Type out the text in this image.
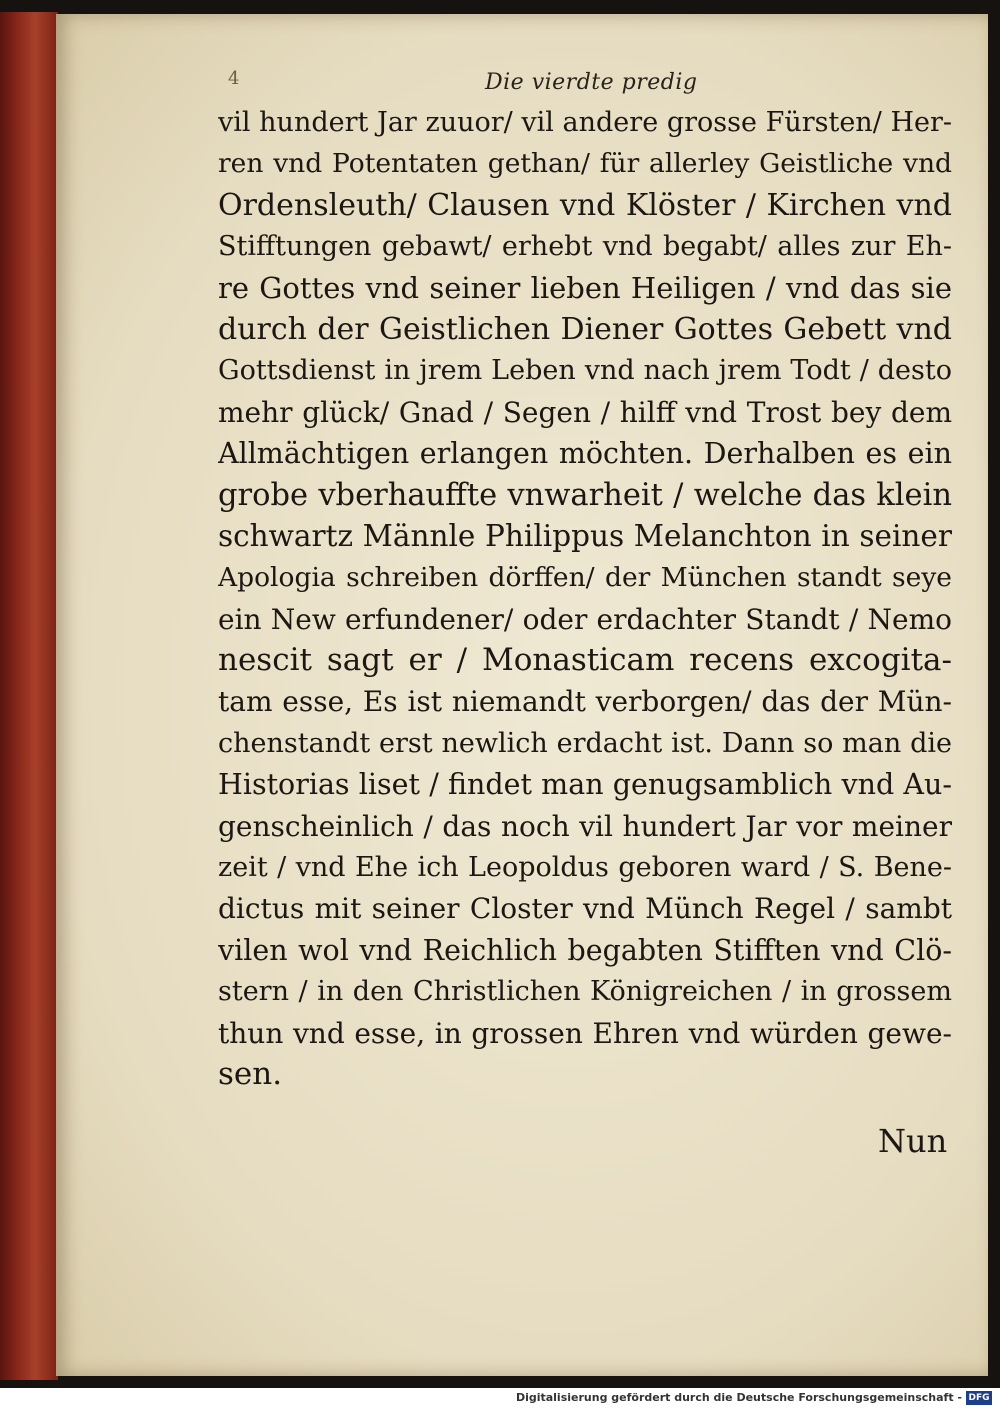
4	Die vierdte predig
vil hundert Jar zuuor/ vil andere grosse Fürsten/ Her-
ren vnd Potentaten gethan/ für allerley Geistliche vnd
Ordensleuth/ Clausen vnd Klöster / Kirchen vnd
Stifftungen gebawt/ erhebt vnd begabt/ alles zur Eh-
re Gottes vnd seiner lieben Heiligen / vnd das sie
durch der Geistlichen Diener Gottes Gebett vnd
Gottsdienst in jrem Leben vnd nach jrem Todt / desto
mehr glück/ Gnad / Segen / hilff vnd Trost bey dem
Allmächtigen erlangen möchten. Derhalben es ein
grobe vberhauffte vnwarheit / welche das klein
schwartz Männle Philippus Melanchton in seiner
Apologia schreiben dörffen/ der München standt seye
ein New erfundener/ oder erdachter Standt / Nemo
nescit sagt er / Monasticam recens excogita-
tam esse, Es ist niemandt verborgen/ das der Mün-
chenstandt erst newlich erdacht ist. Dann so man die
Historias liset / findet man genugsamblich vnd Au-
genscheinlich / das noch vil hundert Jar vor meiner
zeit / vnd Ehe ich Leopoldus geboren ward / S. Bene-
dictus mit seiner Closter vnd Münch Regel / sambt
vilen wol vnd Reichlich begabten Stifften vnd Clö-
stern / in den Christlichen Königreichen / in grossem
thun vnd esse, in grossen Ehren vnd würden gewe-
sen.
Nun
Digitalisierung gefördert durch die Deutsche Forschungsgemeinschaft - DFG
